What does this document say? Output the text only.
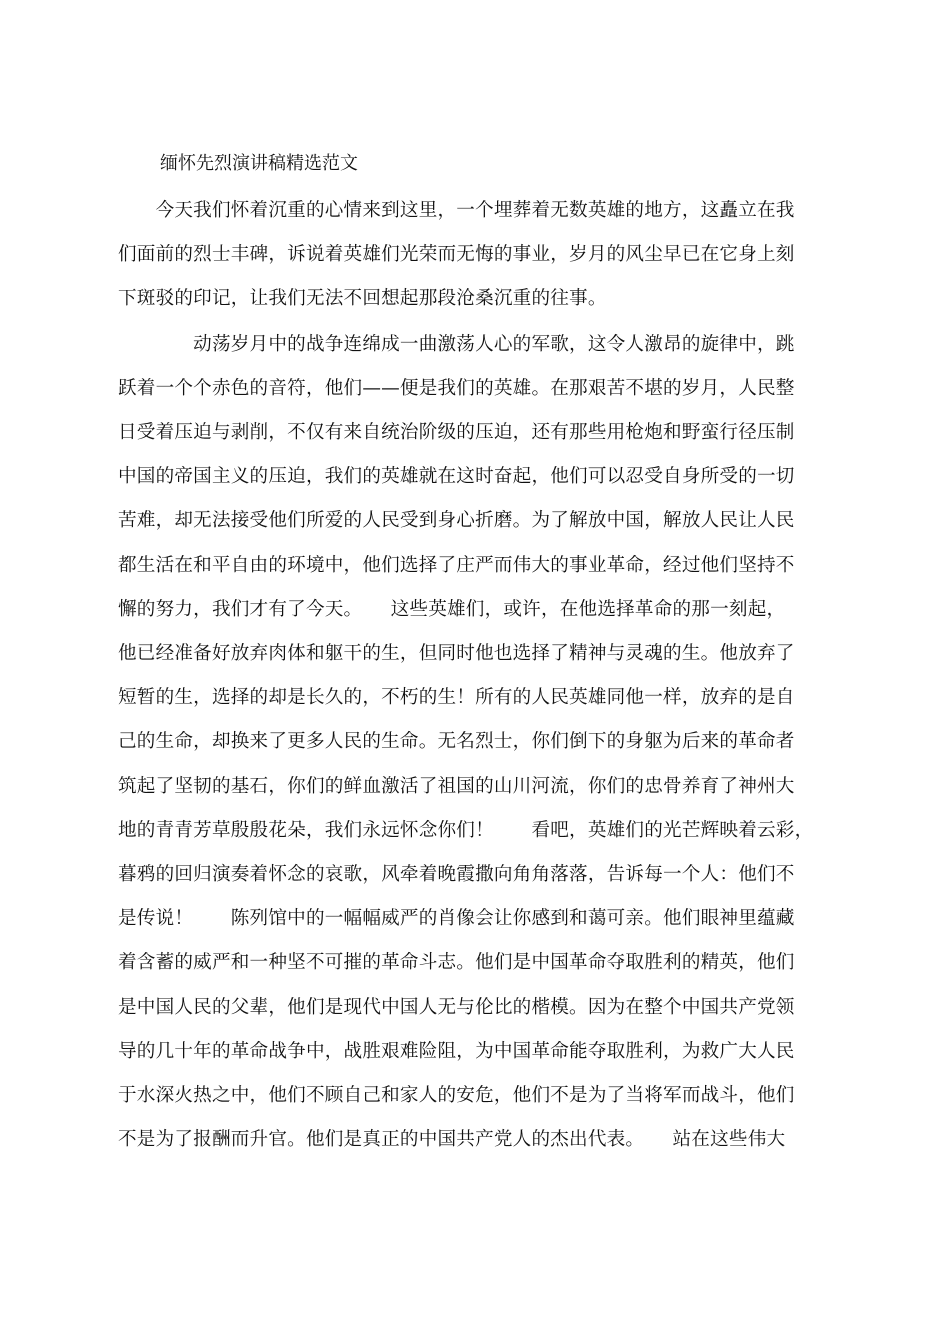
缅怀先烈演讲稿精选范文
　　今天我们怀着沉重的心情来到这里，一个埋葬着无数英雄的地方，这矗立在我
们面前的烈士丰碑，诉说着英雄们光荣而无悔的事业，岁月的风尘早已在它身上刻
下斑驳的印记，让我们无法不回想起那段沧桑沉重的往事。
　　　　动荡岁月中的战争连绵成一曲激荡人心的军歌，这令人激昂的旋律中，跳
跃着一个个赤色的音符，他们——便是我们的英雄。在那艰苦不堪的岁月，人民整
日受着压迫与剥削，不仅有来自统治阶级的压迫，还有那些用枪炮和野蛮行径压制
中国的帝国主义的压迫，我们的英雄就在这时奋起，他们可以忍受自身所受的一切
苦难，却无法接受他们所爱的人民受到身心折磨。为了解放中国，解放人民让人民
都生活在和平自由的环境中，他们选择了庄严而伟大的事业革命，经过他们坚持不
懈的努力，我们才有了今天。　　这些英雄们，或许，在他选择革命的那一刻起，
他已经准备好放弃肉体和躯干的生，但同时他也选择了精神与灵魂的生。他放弃了
短暂的生，选择的却是长久的，不朽的生！所有的人民英雄同他一样，放弃的是自
己的生命，却换来了更多人民的生命。无名烈士，你们倒下的身躯为后来的革命者
筑起了坚韧的基石，你们的鲜血激活了祖国的山川河流，你们的忠骨养育了神州大
地的青青芳草殷殷花朵，我们永远怀念你们！　　看吧，英雄们的光芒辉映着云彩，
暮鸦的回归演奏着怀念的哀歌，风牵着晚霞撒向角角落落，告诉每一个人：他们不
是传说！　　陈列馆中的一幅幅威严的肖像会让你感到和蔼可亲。他们眼神里蕴藏
着含蓄的威严和一种坚不可摧的革命斗志。他们是中国革命夺取胜利的精英，他们
是中国人民的父辈，他们是现代中国人无与伦比的楷模。因为在整个中国共产党领
导的几十年的革命战争中，战胜艰难险阻，为中国革命能夺取胜利，为救广大人民
于水深火热之中，他们不顾自己和家人的安危，他们不是为了当将军而战斗，他们
不是为了报酬而升官。他们是真正的中国共产党人的杰出代表。　　站在这些伟大
